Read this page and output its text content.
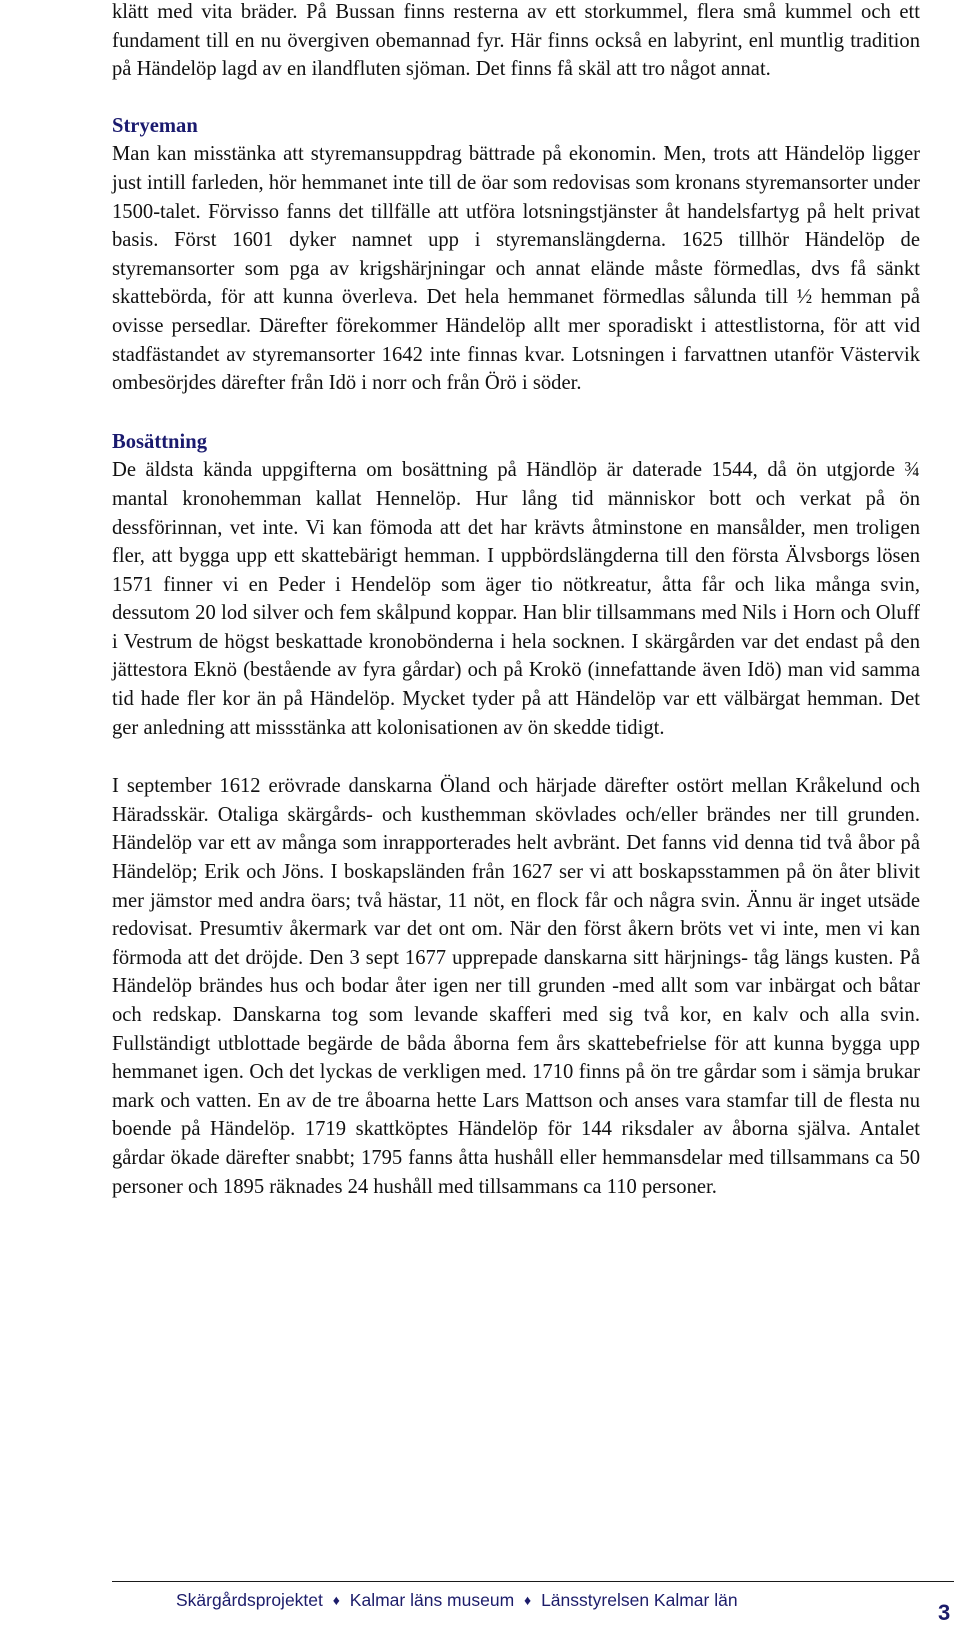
klätt med vita bräder. På Bussan finns resterna av ett storkummel, flera små kummel och ett fundament till en nu övergiven obemannad fyr. Här finns också en labyrint, enl muntlig tradition på Händelöp lagd av en ilandfluten sjöman. Det finns få skäl att tro något annat.

Stryeman

Man kan misstänka att styremansuppdrag bättrade på ekonomin. Men, trots att Händelöp ligger just intill farleden, hör hemmanet inte till de öar som redovisas som kronans styremansorter under 1500-talet. Förvisso fanns det tillfälle att utföra lotsningstjänster åt handelsfartyg på helt privat basis. Först 1601 dyker namnet upp i styremanslängderna. 1625 tillhör Händelöp de styremansorter som pga av krigshärjningar och annat elände måste förmedlas, dvs få sänkt skattebörda, för att kunna överleva. Det hela hemmanet förmedlas sålunda till ½ hemman på ovisse persedlar. Därefter förekommer Händelöp allt mer sporadiskt i attestlistorna, för att vid stadfästandet av styremansorter 1642 inte finnas kvar. Lotsningen i farvattnen utanför Västervik ombesörjdes därefter från Idö i norr och från Örö i söder.

Bosättning

De äldsta kända uppgifterna om bosättning på Händlöp är daterade 1544, då ön utgjorde ¾ mantal kronohemman kallat Hennelöp. Hur lång tid människor bott och verkat på ön dessförinnan, vet inte. Vi kan fömoda att det har krävts åtminstone en mansålder, men troligen fler, att bygga upp ett skattebärigt hemman. I uppbördslängderna till den första Älvsborgs lösen 1571 finner vi en Peder i Hendelöp som äger tio nötkreatur, åtta får och lika många svin, dessutom 20 lod silver och fem skålpund koppar. Han blir tillsammans med Nils i Horn och Oluff i Vestrum de högst beskattade kronobönderna i hela socknen. I skärgården var det endast på den jättestora Eknö (bestående av fyra gårdar) och på Krokö (innefattande även Idö) man vid samma tid hade fler kor än på Händelöp. Mycket tyder på att Händelöp var ett välbärgat hemman. Det ger anledning att missstänka att kolonisationen av ön skedde tidigt.

I september 1612 erövrade danskarna Öland och härjade därefter ostört mellan Kråkelund och Häradsskär. Otaliga skärgårds- och kusthemman skövlades och/eller brändes ner till grunden. Händelöp var ett av många som inrapporterades helt avbränt. Det fanns vid denna tid två åbor på Händelöp; Erik och Jöns. I boskapsländen från 1627 ser vi att boskapsstammen på ön åter blivit mer jämstor med andra öars; två hästar, 11 nöt, en flock får och några svin. Ännu är inget utsäde redovisat. Presumtiv åkermark var det ont om. När den först åkern bröts vet vi inte, men vi kan förmoda att det dröjde. Den 3 sept 1677 upprepade danskarna sitt härjnings- tåg längs kusten. På Händelöp brändes hus och bodar åter igen ner till grunden -med allt som var inbärgat och båtar och redskap. Danskarna tog som levande skafferi med sig två kor, en kalv och alla svin. Fullständigt utblottade begärde de båda åborna fem års skattebefrielse för att kunna bygga upp hemmanet igen. Och det lyckas de verkligen med. 1710 finns på ön tre gårdar som i sämja brukar mark och vatten. En av de tre åboarna hette Lars Mattson och anses vara stamfar till de flesta nu boende på Händelöp. 1719 skattköptes Händelöp för 144 riksdaler av åborna själva. Antalet gårdar ökade därefter snabbt; 1795 fanns åtta hushåll eller hemmansdelar med tillsammans ca 50 personer och 1895 räknades 24 hushåll med tillsammans ca 110 personer.

Skärgårdsprojektet ♦ Kalmar läns museum ♦ Länsstyrelsen Kalmar län	3
